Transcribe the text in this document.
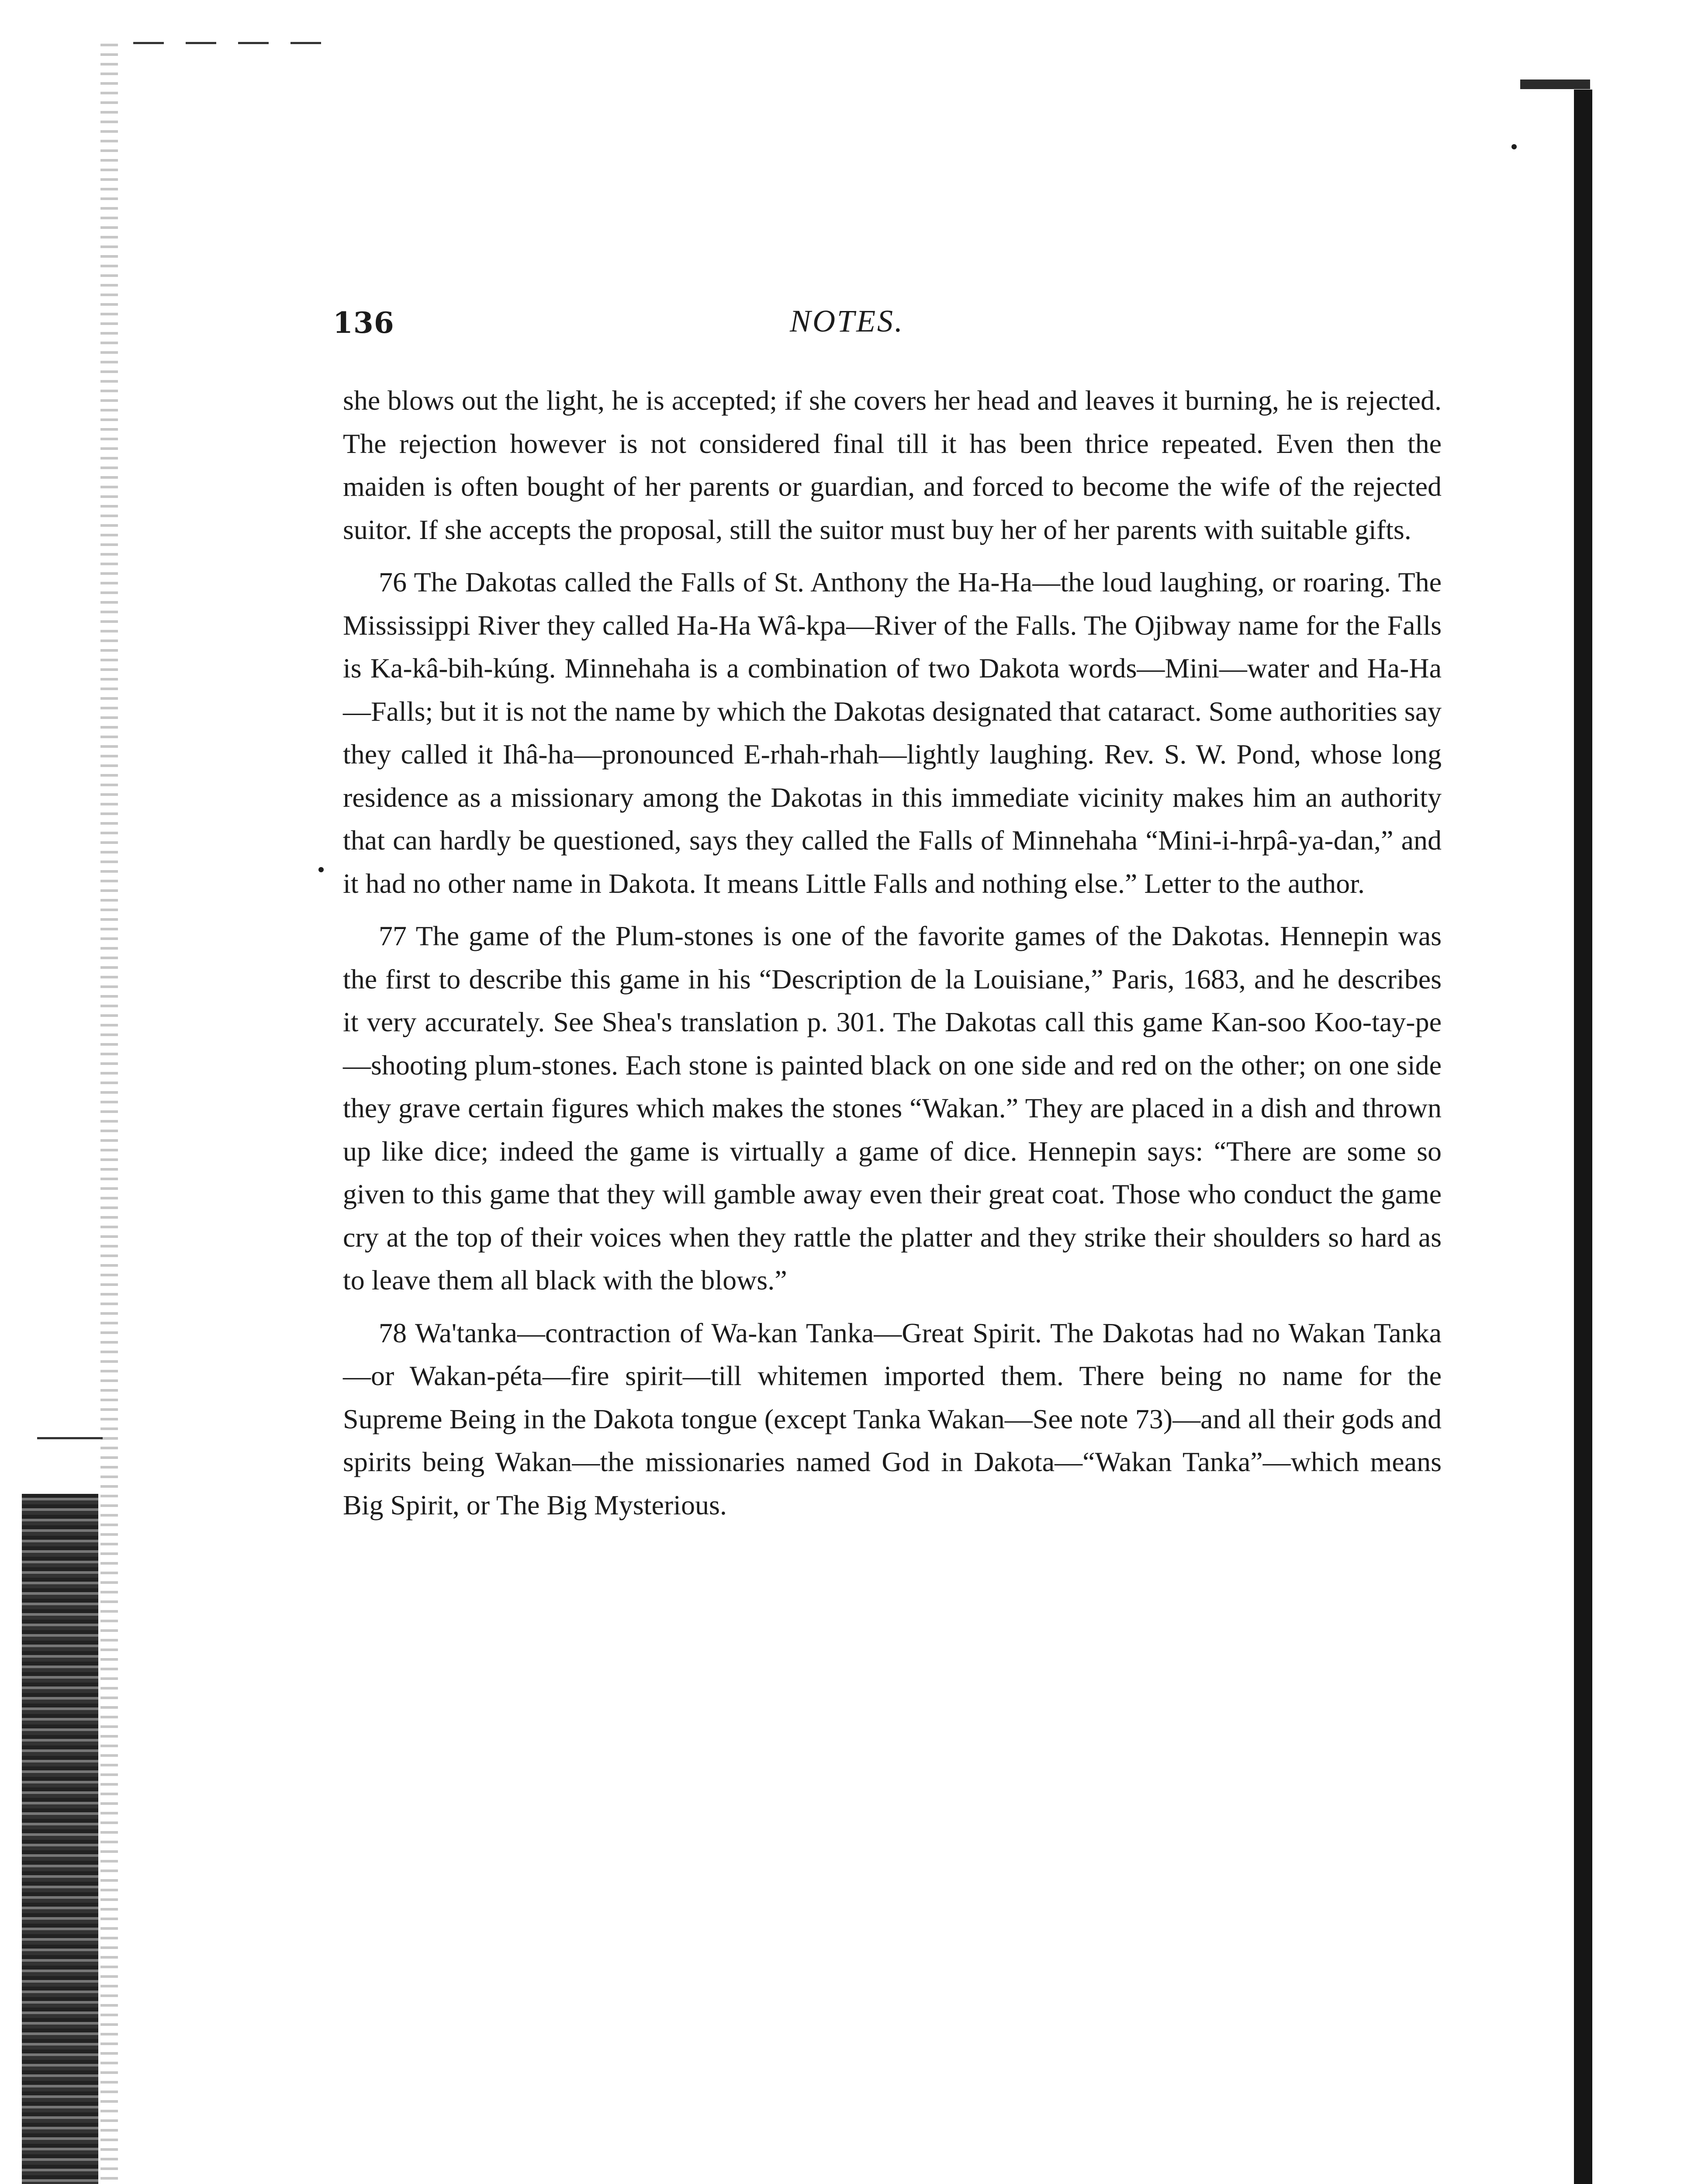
136	NOTES.

she blows out the light, he is accepted; if she covers her head and leaves it burning, he is rejected. The rejection however is not considered final till it has been thrice repeated. Even then the maiden is often bought of her parents or guardian, and forced to become the wife of the rejected suitor. If she accepts the proposal, still the suitor must buy her of her parents with suitable gifts.

76 The Dakotas called the Falls of St. Anthony the Ha-Ha—the loud laughing, or roaring. The Mississippi River they called Ha-Ha Wâ-kpa—River of the Falls. The Ojibway name for the Falls is Ka-kâ-bih-kúng. Minnehaha is a combination of two Dakota words—Mini—water and Ha-Ha—Falls; but it is not the name by which the Dakotas designated that cataract. Some authorities say they called it Ihâ-ha—pronounced E-rhah-rhah—lightly laughing. Rev. S. W. Pond, whose long residence as a missionary among the Dakotas in this immediate vicinity makes him an authority that can hardly be questioned, says they called the Falls of Minnehaha “Mini-i-hrpâ-ya-dan,” and it had no other name in Dakota. It means Little Falls and nothing else.” Letter to the author.

77 The game of the Plum-stones is one of the favorite games of the Dakotas. Hennepin was the first to describe this game in his “Description de la Louisiane,” Paris, 1683, and he describes it very accurately. See Shea's translation p. 301. The Dakotas call this game Kan-soo Koo-tay-pe—shooting plum-stones. Each stone is painted black on one side and red on the other; on one side they grave certain figures which makes the stones “Wakan.” They are placed in a dish and thrown up like dice; indeed the game is virtually a game of dice. Hennepin says: “There are some so given to this game that they will gamble away even their great coat. Those who conduct the game cry at the top of their voices when they rattle the platter and they strike their shoulders so hard as to leave them all black with the blows.”

78 Wa'tanka—contraction of Wa-kan Tanka—Great Spirit. The Dakotas had no Wakan Tanka—or Wakan-péta—fire spirit—till whitemen imported them. There being no name for the Supreme Being in the Dakota tongue (except Tanka Wakan—See note 73)—and all their gods and spirits being Wakan—the missionaries named God in Dakota—“Wakan Tanka”—which means Big Spirit, or The Big Mysterious.
